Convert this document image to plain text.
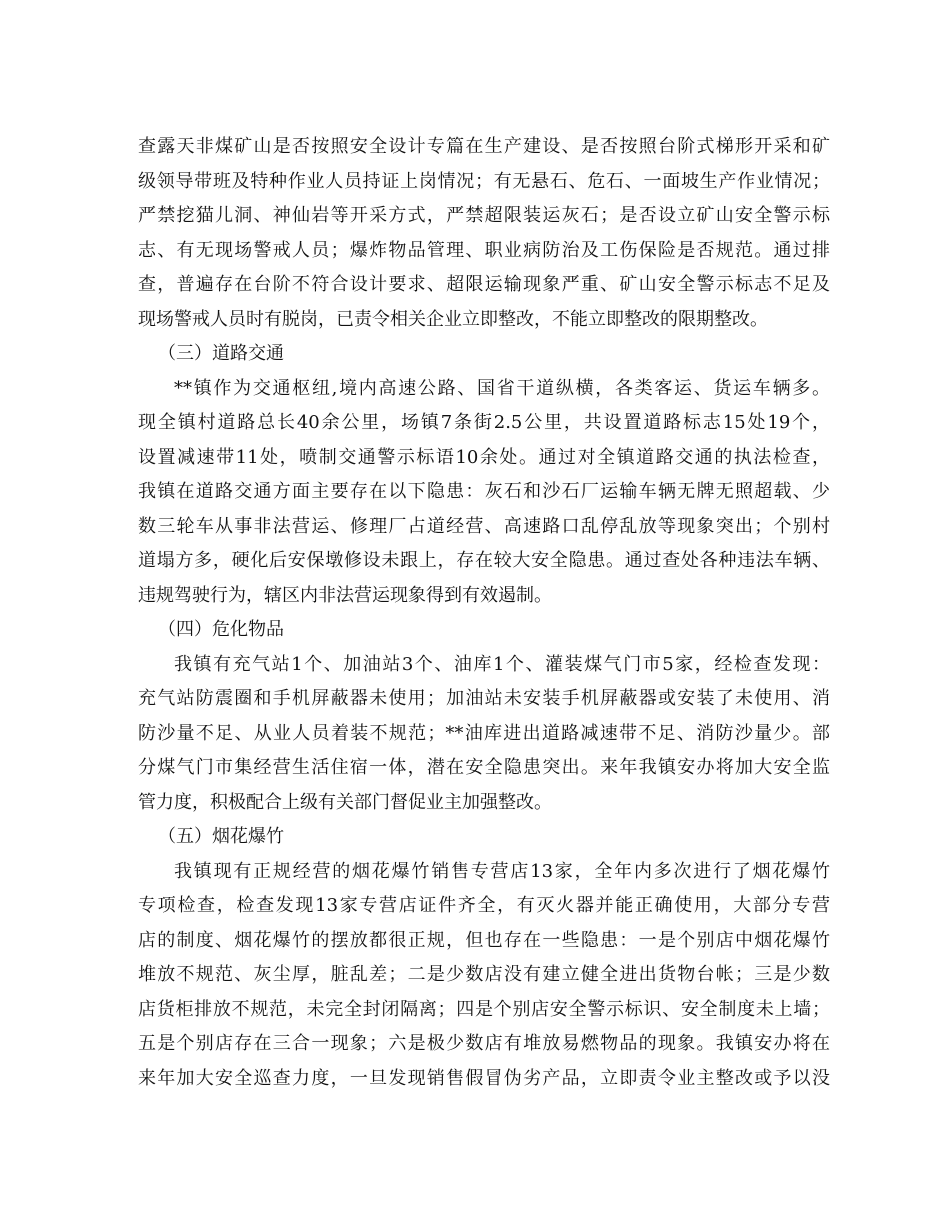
查露天非煤矿山是否按照安全设计专篇在生产建设、是否按照台阶式梯形开采和矿
级领导带班及特种作业人员持证上岗情况；有无悬石、危石、一面坡生产作业情况；
严禁挖猫儿洞、神仙岩等开采方式，严禁超限装运灰石；是否设立矿山安全警示标
志、有无现场警戒人员；爆炸物品管理、职业病防治及工伤保险是否规范。通过排
查，普遍存在台阶不符合设计要求、超限运输现象严重、矿山安全警示标志不足及
现场警戒人员时有脱岗，已责令相关企业立即整改，不能立即整改的限期整改。
（三）道路交通
**镇作为交通枢纽,境内高速公路、国省干道纵横，各类客运、货运车辆多。
现全镇村道路总长40余公里，场镇7条街2.5公里，共设置道路标志15处19个，
设置减速带11处，喷制交通警示标语10余处。通过对全镇道路交通的执法检查，
我镇在道路交通方面主要存在以下隐患：灰石和沙石厂运输车辆无牌无照超载、少
数三轮车从事非法营运、修理厂占道经营、高速路口乱停乱放等现象突出；个别村
道塌方多，硬化后安保墩修设未跟上，存在较大安全隐患。通过查处各种违法车辆、
违规驾驶行为，辖区内非法营运现象得到有效遏制。
（四）危化物品
我镇有充气站1个、加油站3个、油库1个、灌装煤气门市5家，经检查发现：
充气站防震圈和手机屏蔽器未使用；加油站未安装手机屏蔽器或安装了未使用、消
防沙量不足、从业人员着装不规范；**油库进出道路减速带不足、消防沙量少。部
分煤气门市集经营生活住宿一体，潜在安全隐患突出。来年我镇安办将加大安全监
管力度，积极配合上级有关部门督促业主加强整改。
（五）烟花爆竹
我镇现有正规经营的烟花爆竹销售专营店13家，全年内多次进行了烟花爆竹
专项检查，检查发现13家专营店证件齐全，有灭火器并能正确使用，大部分专营
店的制度、烟花爆竹的摆放都很正规，但也存在一些隐患：一是个别店中烟花爆竹
堆放不规范、灰尘厚，脏乱差；二是少数店没有建立健全进出货物台帐；三是少数
店货柜排放不规范，未完全封闭隔离；四是个别店安全警示标识、安全制度未上墙；
五是个别店存在三合一现象；六是极少数店有堆放易燃物品的现象。我镇安办将在
来年加大安全巡查力度，一旦发现销售假冒伪劣产品，立即责令业主整改或予以没
